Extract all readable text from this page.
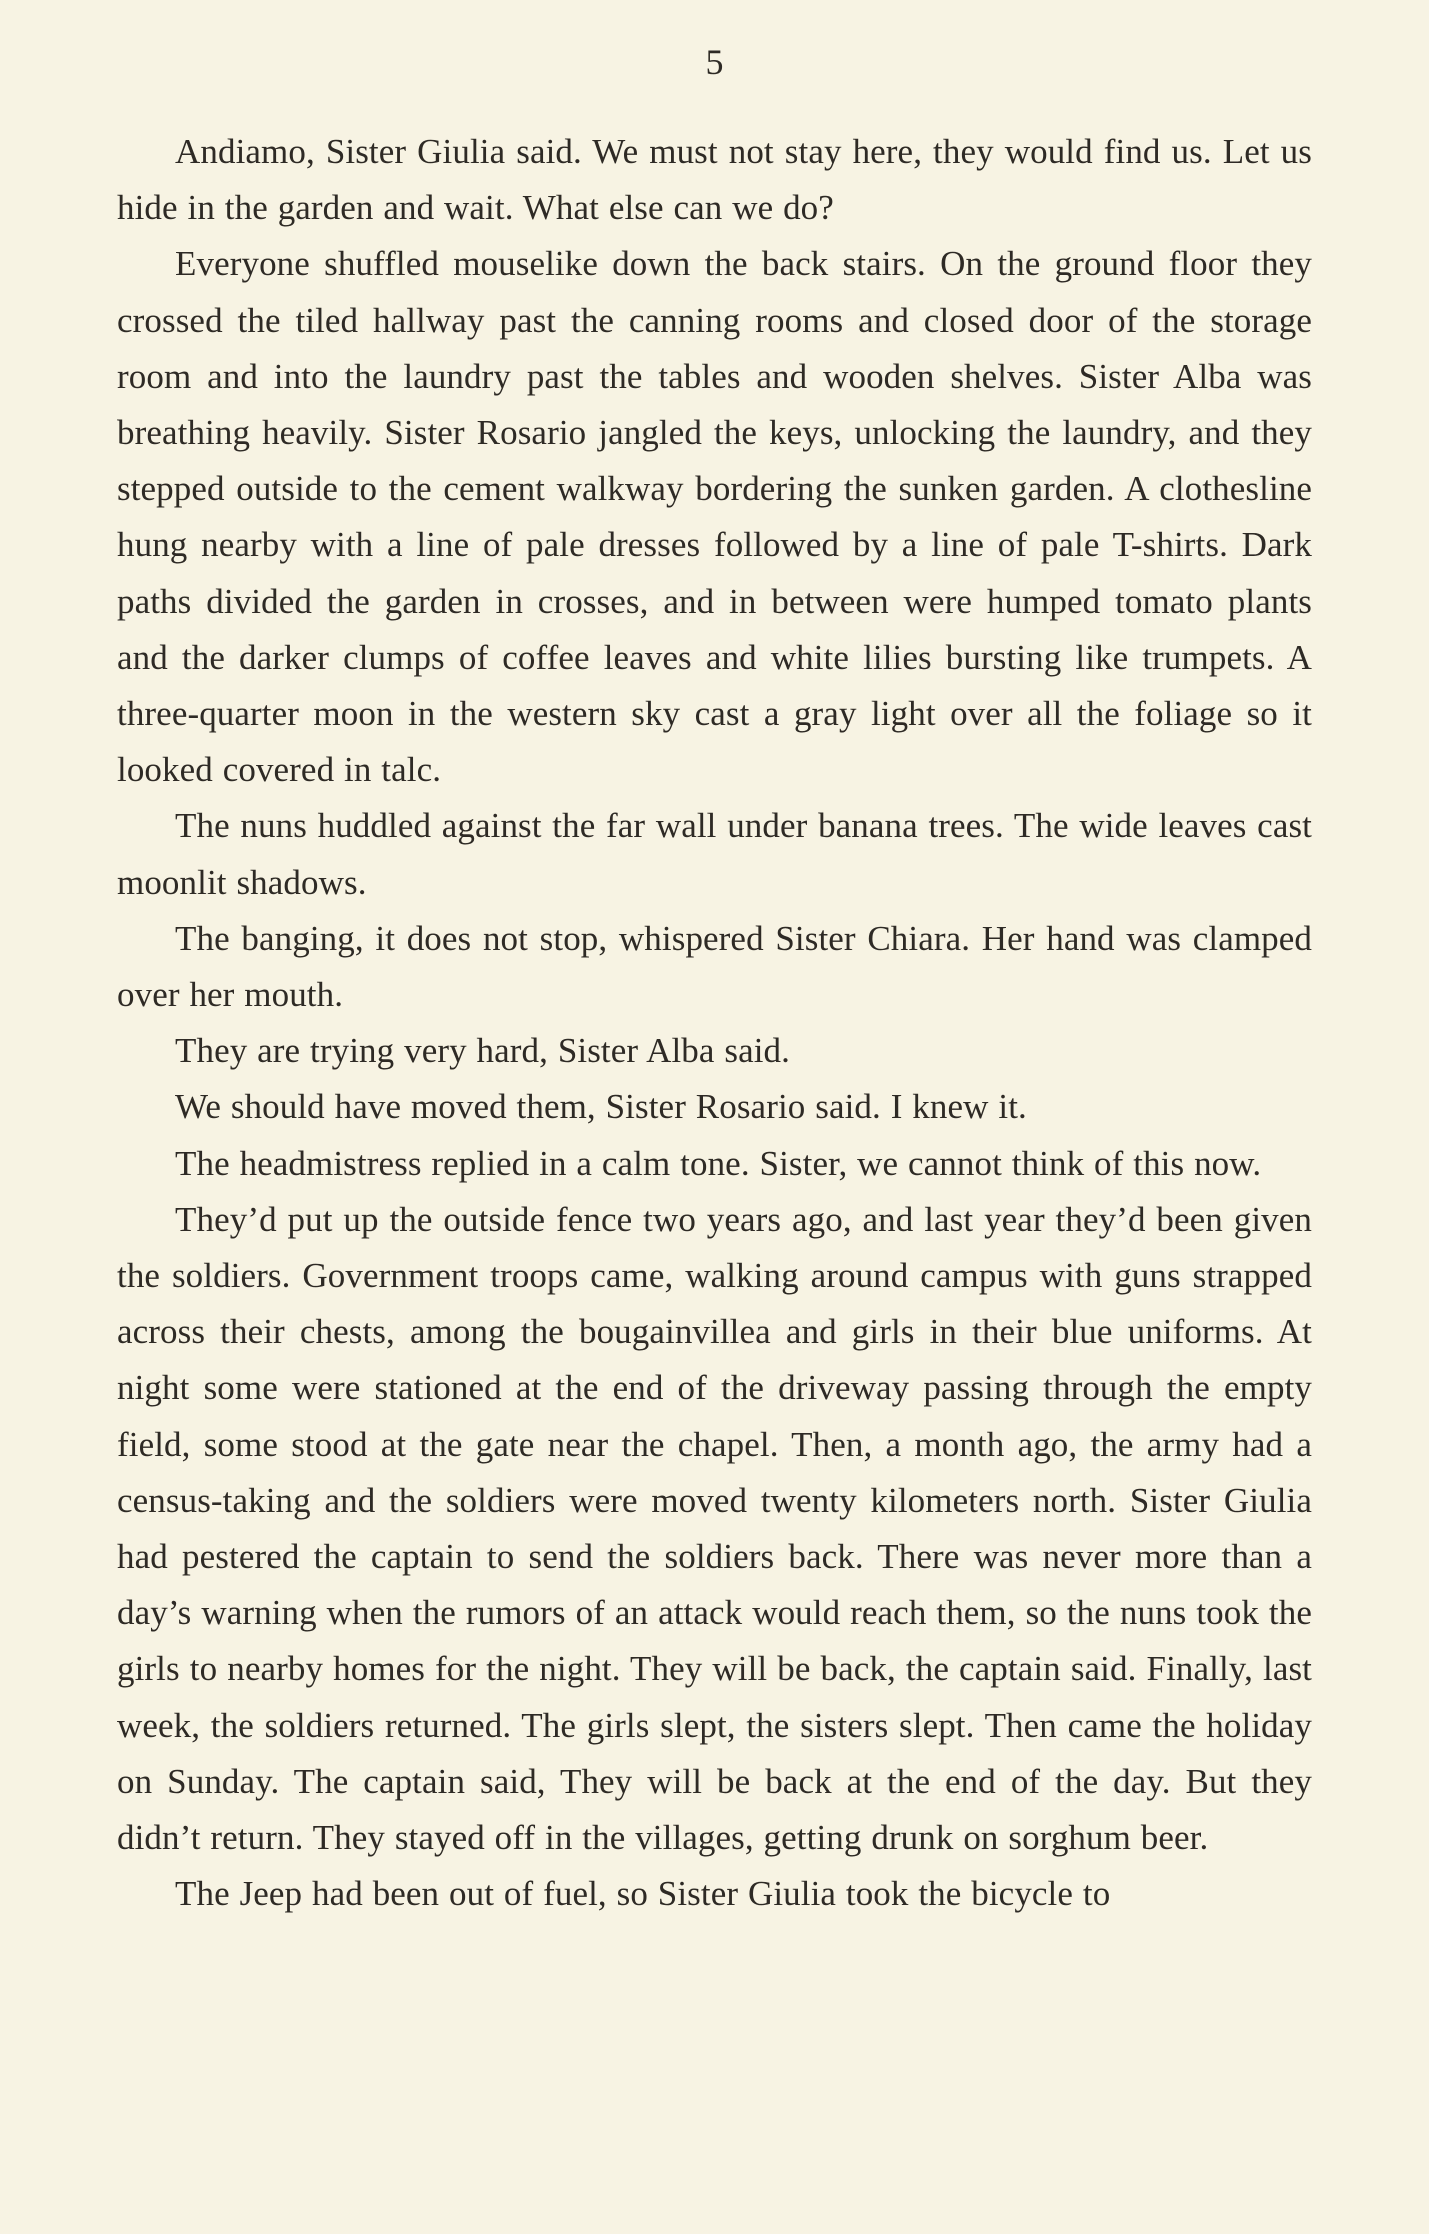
5

Andiamo, Sister Giulia said. We must not stay here, they would find us. Let us hide in the garden and wait. What else can we do?

Everyone shuffled mouselike down the back stairs. On the ground floor they crossed the tiled hallway past the canning rooms and closed door of the storage room and into the laundry past the tables and wooden shelves. Sister Alba was breathing heavily. Sister Rosario jangled the keys, unlocking the laundry, and they stepped outside to the cement walkway bordering the sunken garden. A clothesline hung nearby with a line of pale dresses followed by a line of pale T-shirts. Dark paths divided the garden in crosses, and in between were humped tomato plants and the darker clumps of coffee leaves and white lilies bursting like trumpets. A three-quarter moon in the western sky cast a gray light over all the foliage so it looked covered in talc.

The nuns huddled against the far wall under banana trees. The wide leaves cast moonlit shadows.

The banging, it does not stop, whispered Sister Chiara. Her hand was clamped over her mouth.

They are trying very hard, Sister Alba said.

We should have moved them, Sister Rosario said. I knew it.

The headmistress replied in a calm tone. Sister, we cannot think of this now.

They’d put up the outside fence two years ago, and last year they’d been given the soldiers. Government troops came, walking around campus with guns strapped across their chests, among the bougainvillea and girls in their blue uniforms. At night some were stationed at the end of the driveway passing through the empty field, some stood at the gate near the chapel. Then, a month ago, the army had a census-taking and the soldiers were moved twenty kilometers north. Sister Giulia had pestered the captain to send the soldiers back. There was never more than a day’s warning when the rumors of an attack would reach them, so the nuns took the girls to nearby homes for the night. They will be back, the captain said. Finally, last week, the soldiers returned. The girls slept, the sisters slept. Then came the holiday on Sunday. The captain said, They will be back at the end of the day. But they didn’t return. They stayed off in the villages, getting drunk on sorghum beer.

The Jeep had been out of fuel, so Sister Giulia took the bicycle to
